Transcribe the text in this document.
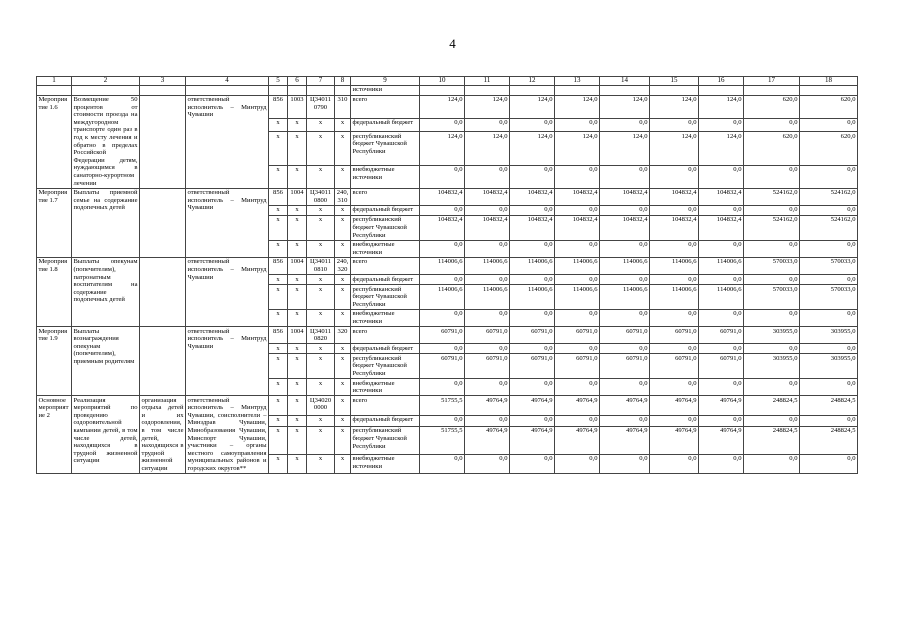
4
1	2	3	4	5	6	7	8	9	10	11	12	13	14	15	16	17	18
								источники									
Мероприятие 1.6	Возмещение 50 процентов от стоимости проезда на междугородном транспорте один раз в год к месту лечения и обратно в пределах Российской Федерации детям, нуждающимся в санаторно-курортном лечении		ответственный исполнитель – Минтруд Чувашии	856	1003	Ц34011 0790	310	всего	124,0	124,0	124,0	124,0	124,0	124,0	124,0	620,0	620,0
				x	x	x	x	федеральный бюджет	0,0	0,0	0,0	0,0	0,0	0,0	0,0	0,0	0,0
				x	x	x	x	республиканский бюджет Чувашской Республики	124,0	124,0	124,0	124,0	124,0	124,0	124,0	620,0	620,0
				x	x	x	x	внебюджетные источники	0,0	0,0	0,0	0,0	0,0	0,0	0,0	0,0	0,0
Мероприятие 1.7	Выплаты приемной семье на содержание подопечных детей		ответственный исполнитель – Минтруд Чувашии	856	1004	Ц34011 0800	240, 310	всего	104832,4	104832,4	104832,4	104832,4	104832,4	104832,4	104832,4	524162,0	524162,0
				x	x	x	x	федеральный бюджет	0,0	0,0	0,0	0,0	0,0	0,0	0,0	0,0	0,0
				x	x	x	x	республиканский бюджет Чувашской Республики	104832,4	104832,4	104832,4	104832,4	104832,4	104832,4	104832,4	524162,0	524162,0
				x	x	x	x	внебюджетные источники	0,0	0,0	0,0	0,0	0,0	0,0	0,0	0,0	0,0
Мероприятие 1.8	Выплаты опекунам (попечителям), патронатным воспитателям на содержание подопечных детей		ответственный исполнитель – Минтруд Чувашии	856	1004	Ц34011 0810	240, 320	всего	114006,6	114006,6	114006,6	114006,6	114006,6	114006,6	114006,6	570033,0	570033,0
				x	x	x	x	федеральный бюджет	0,0	0,0	0,0	0,0	0,0	0,0	0,0	0,0	0,0
				x	x	x	x	республиканский бюджет Чувашской Республики	114006,6	114006,6	114006,6	114006,6	114006,6	114006,6	114006,6	570033,0	570033,0
				x	x	x	x	внебюджетные источники	0,0	0,0	0,0	0,0	0,0	0,0	0,0	0,0	0,0
Мероприятие 1.9	Выплаты вознаграждения опекунам (попечителям), приемным родителям		ответственный исполнитель – Минтруд Чувашии	856	1004	Ц34011 0820	320	всего	60791,0	60791,0	60791,0	60791,0	60791,0	60791,0	60791,0	303955,0	303955,0
				x	x	x	x	федеральный бюджет	0,0	0,0	0,0	0,0	0,0	0,0	0,0	0,0	0,0
				x	x	x	x	республиканский бюджет Чувашской Республики	60791,0	60791,0	60791,0	60791,0	60791,0	60791,0	60791,0	303955,0	303955,0
				x	x	x	x	внебюджетные источники	0,0	0,0	0,0	0,0	0,0	0,0	0,0	0,0	0,0
Основное мероприятие 2	Реализация мероприятий по проведению оздоровительной кампании детей, в том числе детей, находящихся в трудной жизненной ситуации	организация отдыха детей и их оздоровления, в том числе детей, находящихся в трудной жизненной ситуации	ответственный исполнитель – Минтруд Чувашии, соисполнители – Минздрав Чувашии, Минобразования Чувашии, Минспорт Чувашии, участники – органы местного самоуправления муниципальных районов и городских округов**	x	x	Ц34020 0000	x	всего	51755,5	49764,9	49764,9	49764,9	49764,9	49764,9	49764,9	248824,5	248824,5
				x	x	x	x	федеральный бюджет	0,0	0,0	0,0	0,0	0,0	0,0	0,0	0,0	0,0
				x	x	x	x	республиканский бюджет Чувашской Республики	51755,5	49764,9	49764,9	49764,9	49764,9	49764,9	49764,9	248824,5	248824,5
				x	x	x	x	внебюджетные источники	0,0	0,0	0,0	0,0	0,0	0,0	0,0	0,0	0,0
